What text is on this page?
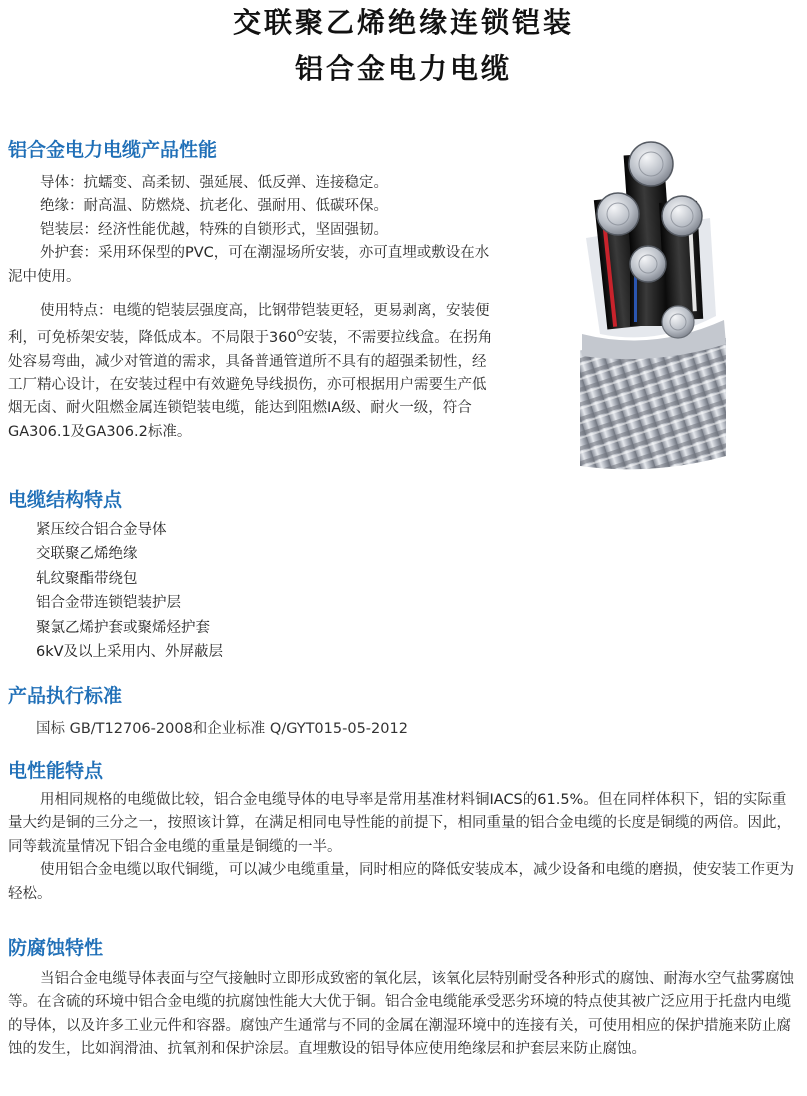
交联聚乙烯绝缘连锁铠装
铝合金电力电缆
铝合金电力电缆产品性能

导体：抗蠕变、高柔韧、强延展、低反弹、连接稳定。

绝缘：耐高温、防燃烧、抗老化、强耐用、低碳环保。

铠装层：经济性能优越，特殊的自锁形式，坚固强韧。

外护套：采用环保型的PVC，可在潮湿场所安装，亦可直埋或敷设在水泥中使用。

使用特点：电缆的铠装层强度高，比钢带铠装更轻，更易剥离，安装便利，可免桥架安装，降低成本。不局限于$360^O$安装，不需要拉线盒。在拐角处容易弯曲，减少对管道的需求，具备普通管道所不具有的超强柔韧性，经工厂精心设计，在安装过程中有效避免导线损伤，亦可根据用户需要生产低烟无卤、耐火阻燃金属连锁铠装电缆，能达到阻燃IA级、耐火一级，符合GA306.1及GA306.2标准。

电缆结构特点
紧压绞合铝合金导体
交联聚乙烯绝缘
轧纹聚酯带绕包
铝合金带连锁铠装护层
聚氯乙烯护套或聚烯烃护套
6kV及以上采用内、外屏蔽层
产品执行标准

国标 GB/T12706-2008和企业标准 Q/GYT015-05-2012

电性能特点

用相同规格的电缆做比较，铝合金电缆导体的电导率是常用基准材料铜IACS的61.5%。但在同样体积下，铝的实际重量大约是铜的三分之一，按照该计算，在满足相同电导性能的前提下，相同重量的铝合金电缆的长度是铜缆的两倍。因此，同等载流量情况下铝合金电缆的重量是铜缆的一半。

使用铝合金电缆以取代铜缆，可以减少电缆重量，同时相应的降低安装成本，减少设备和电缆的磨损，使安装工作更为轻松。

防腐蚀特性

当铝合金电缆导体表面与空气接触时立即形成致密的氧化层，该氧化层特别耐受各种形式的腐蚀、耐海水空气盐雾腐蚀等。在含硫的环境中铝合金电缆的抗腐蚀性能大大优于铜。铝合金电缆能承受恶劣环境的特点使其被广泛应用于托盘内电缆的导体，以及许多工业元件和容器。腐蚀产生通常与不同的金属在潮湿环境中的连接有关，可使用相应的保护措施来防止腐蚀的发生，比如润滑油、抗氧剂和保护涂层。直埋敷设的铝导体应使用绝缘层和护套层来防止腐蚀。
